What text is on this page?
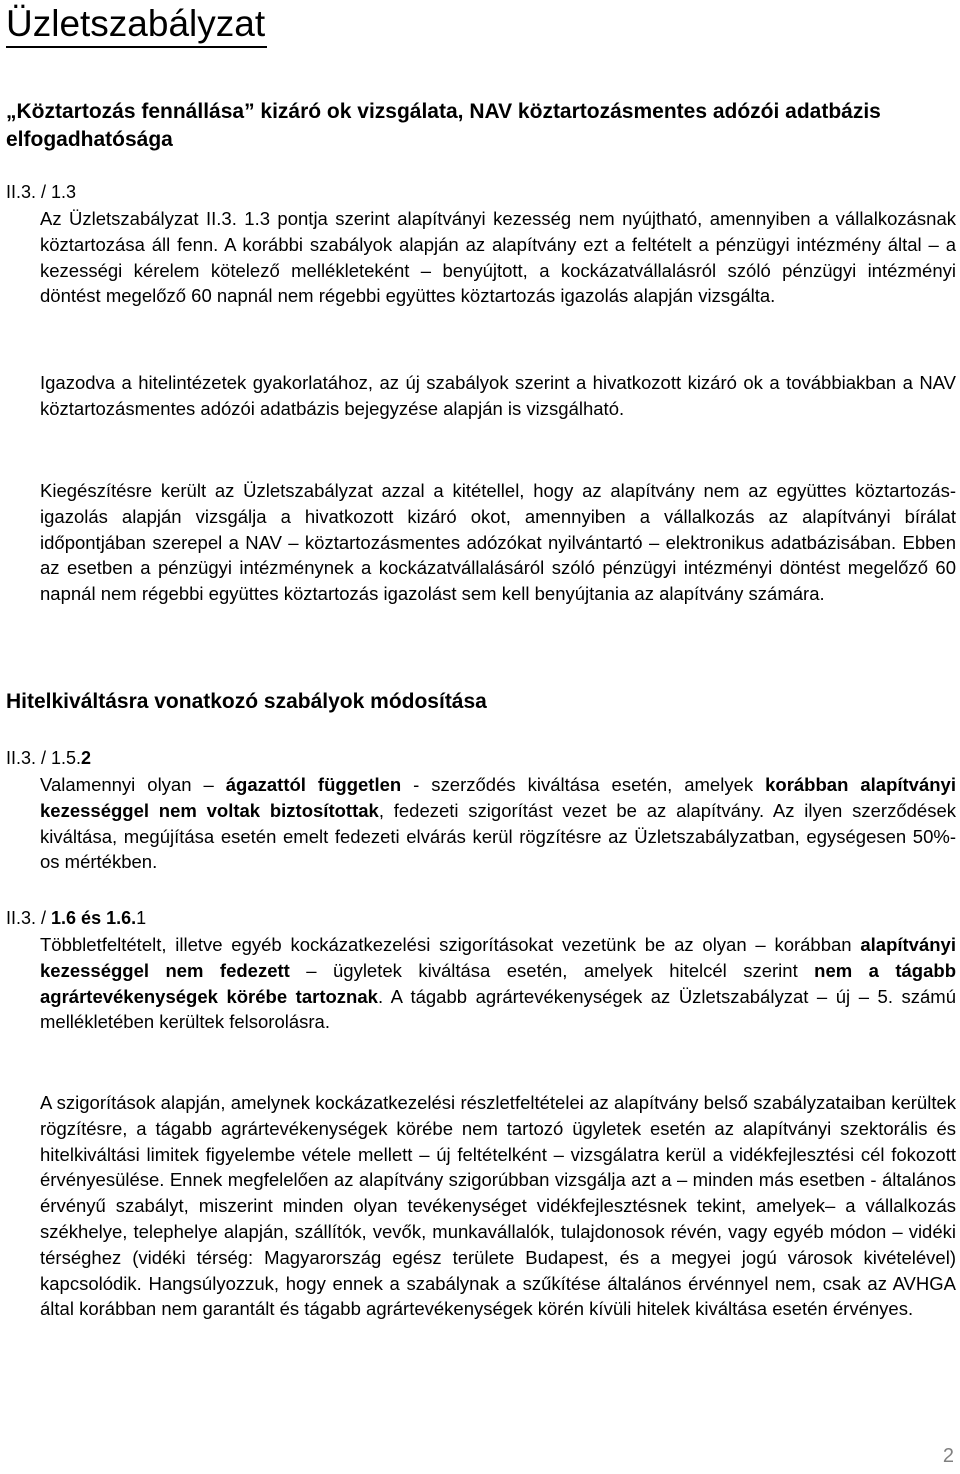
Üzletszabályzat
„Köztartozás fennállása” kizáró ok vizsgálata, NAV köztartozásmentes adózói adatbázis elfogadhatósága

II.3. / 1.3

Az Üzletszabályzat II.3. 1.3 pontja szerint alapítványi kezesség nem nyújtható, amennyiben a vállalkozásnak köztartozása áll fenn. A korábbi szabályok alapján az alapítvány ezt a feltételt a pénzügyi intézmény által – a kezességi kérelem kötelező mellékleteként – benyújtott, a kockázatvállalásról szóló pénzügyi intézményi döntést megelőző 60 napnál nem régebbi együttes köztartozás igazolás alapján vizsgálta.

Igazodva a hitelintézetek gyakorlatához, az új szabályok szerint a hivatkozott kizáró ok a továbbiakban a NAV köztartozásmentes adózói adatbázis bejegyzése alapján is vizsgálható.

Kiegészítésre került az Üzletszabályzat azzal a kitétellel, hogy az alapítvány nem az együttes köztartozás-igazolás alapján vizsgálja a hivatkozott kizáró okot, amennyiben a vállalkozás az alapítványi bírálat időpontjában szerepel a NAV – köztartozásmentes adózókat nyilvántartó – elektronikus adatbázisában. Ebben az esetben a pénzügyi intézménynek a kockázatvállalásáról szóló pénzügyi intézményi döntést megelőző 60 napnál nem régebbi együttes köztartozás igazolást sem kell benyújtania az alapítvány számára.

Hitelkiváltásra vonatkozó szabályok módosítása

II.3. / 1.5.2

Valamennyi olyan – ágazattól független - szerződés kiváltása esetén, amelyek korábban alapítványi kezességgel nem voltak biztosítottak, fedezeti szigorítást vezet be az alapítvány. Az ilyen szerződések kiváltása, megújítása esetén emelt fedezeti elvárás kerül rögzítésre az Üzletszabályzatban, egységesen 50%-os mértékben.

II.3. / 1.6 és 1.6.1

Többletfeltételt, illetve egyéb kockázatkezelési szigorításokat vezetünk be az olyan – korábban alapítványi kezességgel nem fedezett – ügyletek kiváltása esetén, amelyek hitelcél szerint nem a tágabb agrártevékenységek körébe tartoznak. A tágabb agrártevékenységek az Üzletszabályzat – új – 5. számú mellékletében kerültek felsorolásra.

A szigorítások alapján, amelynek kockázatkezelési részletfeltételei az alapítvány belső szabályzataiban kerültek rögzítésre, a tágabb agrártevékenységek körébe nem tartozó ügyletek esetén az alapítványi szektorális és hitelkiváltási limitek figyelembe vétele mellett – új feltételként – vizsgálatra kerül a vidékfejlesztési cél fokozott érvényesülése. Ennek megfelelően az alapítvány szigorúbban vizsgálja azt a – minden más esetben - általános érvényű szabályt, miszerint minden olyan tevékenységet vidékfejlesztésnek tekint, amelyek– a vállalkozás székhelye, telephelye alapján, szállítók, vevők, munkavállalók, tulajdonosok révén, vagy egyéb módon – vidéki térséghez (vidéki térség: Magyarország egész területe Budapest, és a megyei jogú városok kivételével) kapcsolódik. Hangsúlyozzuk, hogy ennek a szabálynak a szűkítése általános érvénnyel nem, csak az AVHGA által korábban nem garantált és tágabb agrártevékenységek körén kívüli hitelek kiváltása esetén érvényes.

2
